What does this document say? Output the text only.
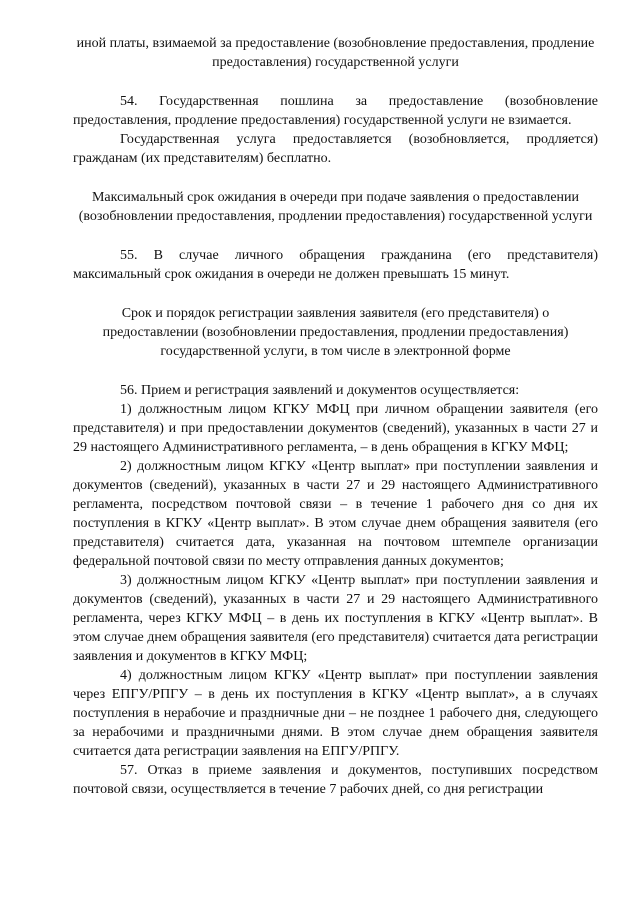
иной платы, взимаемой за предоставление (возобновление предоставления, продление предоставления) государственной услуги

54. Государственная пошлина за предоставление (возобновление предоставления, продление предоставления) государственной услуги не взимается.

Государственная услуга предоставляется (возобновляется, продляется) гражданам (их представителям) бесплатно.

Максимальный срок ожидания в очереди при подаче заявления о предоставлении (возобновлении предоставления, продлении предоставления) государственной услуги

55. В случае личного обращения гражданина (его представителя) максимальный срок ожидания в очереди не должен превышать 15 минут.

Срок и порядок регистрации заявления заявителя (его представителя) о предоставлении (возобновлении предоставления, продлении предоставления) государственной услуги, в том числе в электронной форме

56. Прием и регистрация заявлений и документов осуществляется:

1) должностным лицом КГКУ МФЦ при личном обращении заявителя (его представителя) и при предоставлении документов (сведений), указанных в части 27 и 29 настоящего Административного регламента, – в день обращения в КГКУ МФЦ;

2) должностным лицом КГКУ «Центр выплат» при поступлении заявления и документов (сведений), указанных в части 27 и 29 настоящего Административного регламента, посредством почтовой связи – в течение 1 рабочего дня со дня их поступления в КГКУ «Центр выплат». В этом случае днем обращения заявителя (его представителя) считается дата, указанная на почтовом штемпеле организации федеральной почтовой связи по месту отправления данных документов;

3) должностным лицом КГКУ «Центр выплат» при поступлении заявления и документов (сведений), указанных в части 27 и 29 настоящего Административного регламента, через КГКУ МФЦ – в день их поступления в КГКУ «Центр выплат». В этом случае днем обращения заявителя (его представителя) считается дата регистрации заявления и документов в КГКУ МФЦ;

4) должностным лицом КГКУ «Центр выплат» при поступлении заявления через ЕПГУ/РПГУ – в день их поступления в КГКУ «Центр выплат», а в случаях поступления в нерабочие и праздничные дни – не позднее 1 рабочего дня, следующего за нерабочими и праздничными днями. В этом случае днем обращения заявителя считается дата регистрации заявления на ЕПГУ/РПГУ.

57. Отказ в приеме заявления и документов, поступивших посредством почтовой связи, осуществляется в течение 7 рабочих дней, со дня регистрации
